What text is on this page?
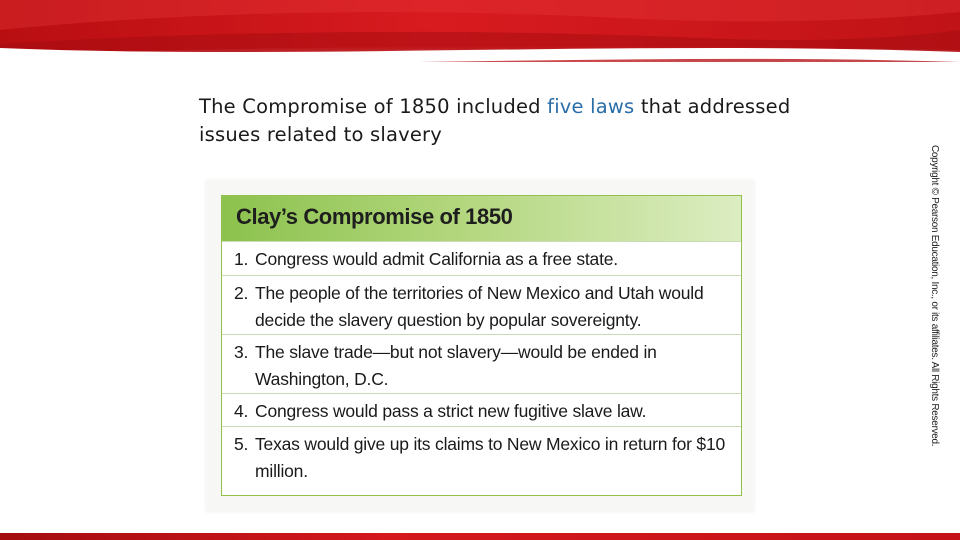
The Compromise of 1850 included five laws that addressed issues related to slavery
Copyright © Pearson Education, Inc., or its affiliates. All Rights Reserved.
Clay’s Compromise of 1850
1. Congress would admit California as a free state.
2. The people of the territories of New Mexico and Utah would decide the slavery question by popular sovereignty.
3. The slave trade—but not slavery—would be ended in Washington, D.C.
4. Congress would pass a strict new fugitive slave law.
5. Texas would give up its claims to New Mexico in return for $10 million.
